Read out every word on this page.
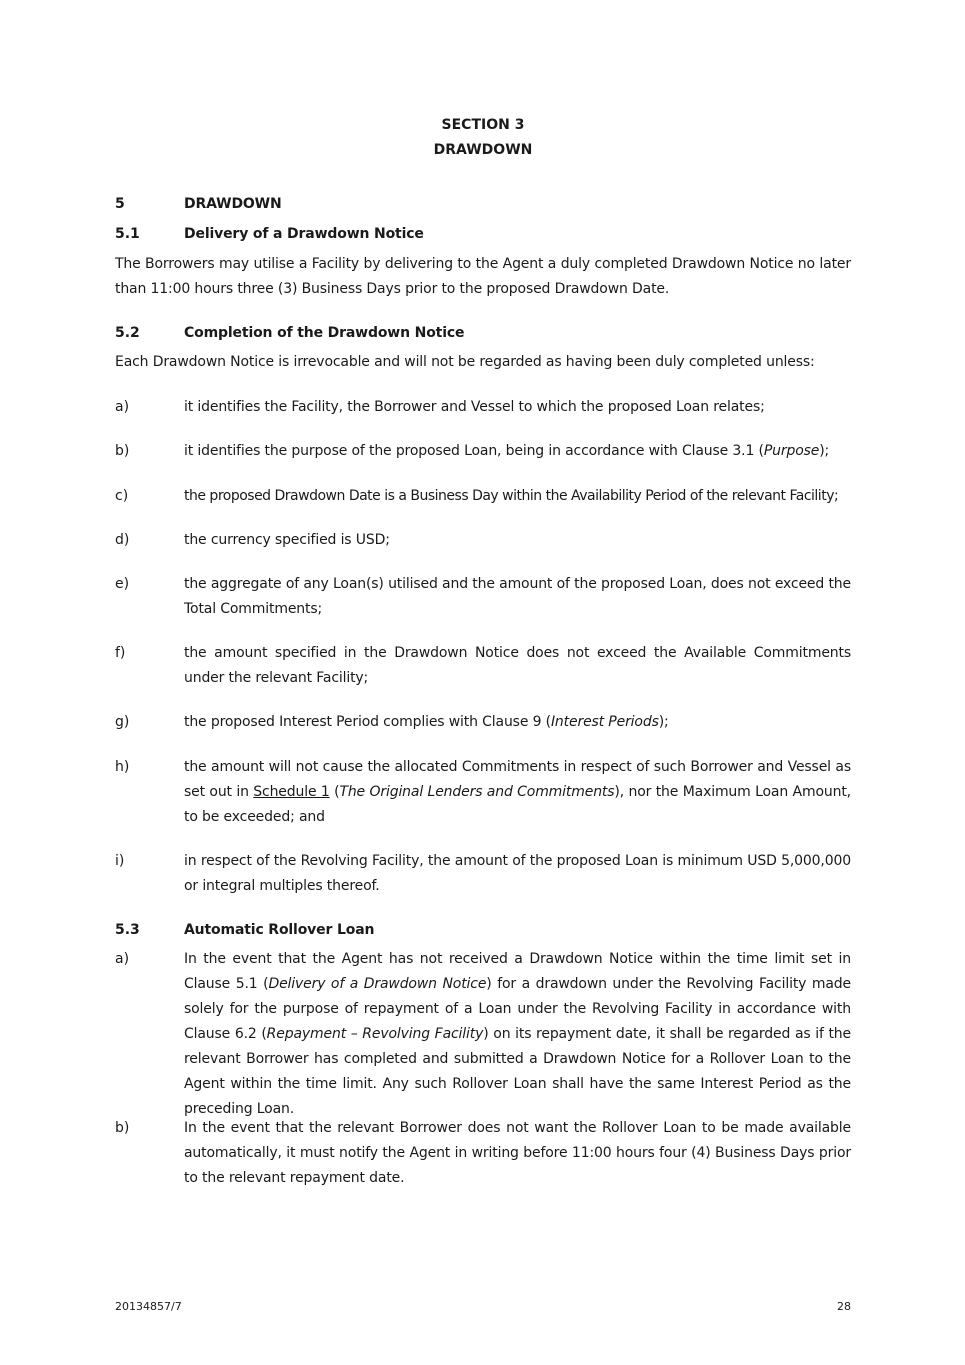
SECTION 3
DRAWDOWN
5	DRAWDOWN
5.1	Delivery of a Drawdown Notice
The Borrowers may utilise a Facility by delivering to the Agent a duly completed Drawdown Notice no later than 11:00 hours three (3) Business Days prior to the proposed Drawdown Date.
5.2	Completion of the Drawdown Notice
Each Drawdown Notice is irrevocable and will not be regarded as having been duly completed unless:
a)	it identifies the Facility, the Borrower and Vessel to which the proposed Loan relates;
b)	it identifies the purpose of the proposed Loan, being in accordance with Clause 3.1 (Purpose);
c)	the proposed Drawdown Date is a Business Day within the Availability Period of the relevant Facility;
d)	the currency specified is USD;
e)	the aggregate of any Loan(s) utilised and the amount of the proposed Loan, does not exceed the Total Commitments;
f)	the amount specified in the Drawdown Notice does not exceed the Available Commitments under the relevant Facility;
g)	the proposed Interest Period complies with Clause 9 (Interest Periods);
h)	the amount will not cause the allocated Commitments in respect of such Borrower and Vessel as set out in Schedule 1 (The Original Lenders and Commitments), nor the Maximum Loan Amount, to be exceeded; and
i)	in respect of the Revolving Facility, the amount of the proposed Loan is minimum USD 5,000,000 or integral multiples thereof.
5.3	Automatic Rollover Loan
a)	In the event that the Agent has not received a Drawdown Notice within the time limit set in Clause 5.1 (Delivery of a Drawdown Notice) for a drawdown under the Revolving Facility made solely for the purpose of repayment of a Loan under the Revolving Facility in accordance with Clause 6.2 (Repayment – Revolving Facility) on its repayment date, it shall be regarded as if the relevant Borrower has completed and submitted a Drawdown Notice for a Rollover Loan to the Agent within the time limit. Any such Rollover Loan shall have the same Interest Period as the preceding Loan.
b)	In the event that the relevant Borrower does not want the Rollover Loan to be made available automatically, it must notify the Agent in writing before 11:00 hours four (4) Business Days prior to the relevant repayment date.
20134857/7	28
